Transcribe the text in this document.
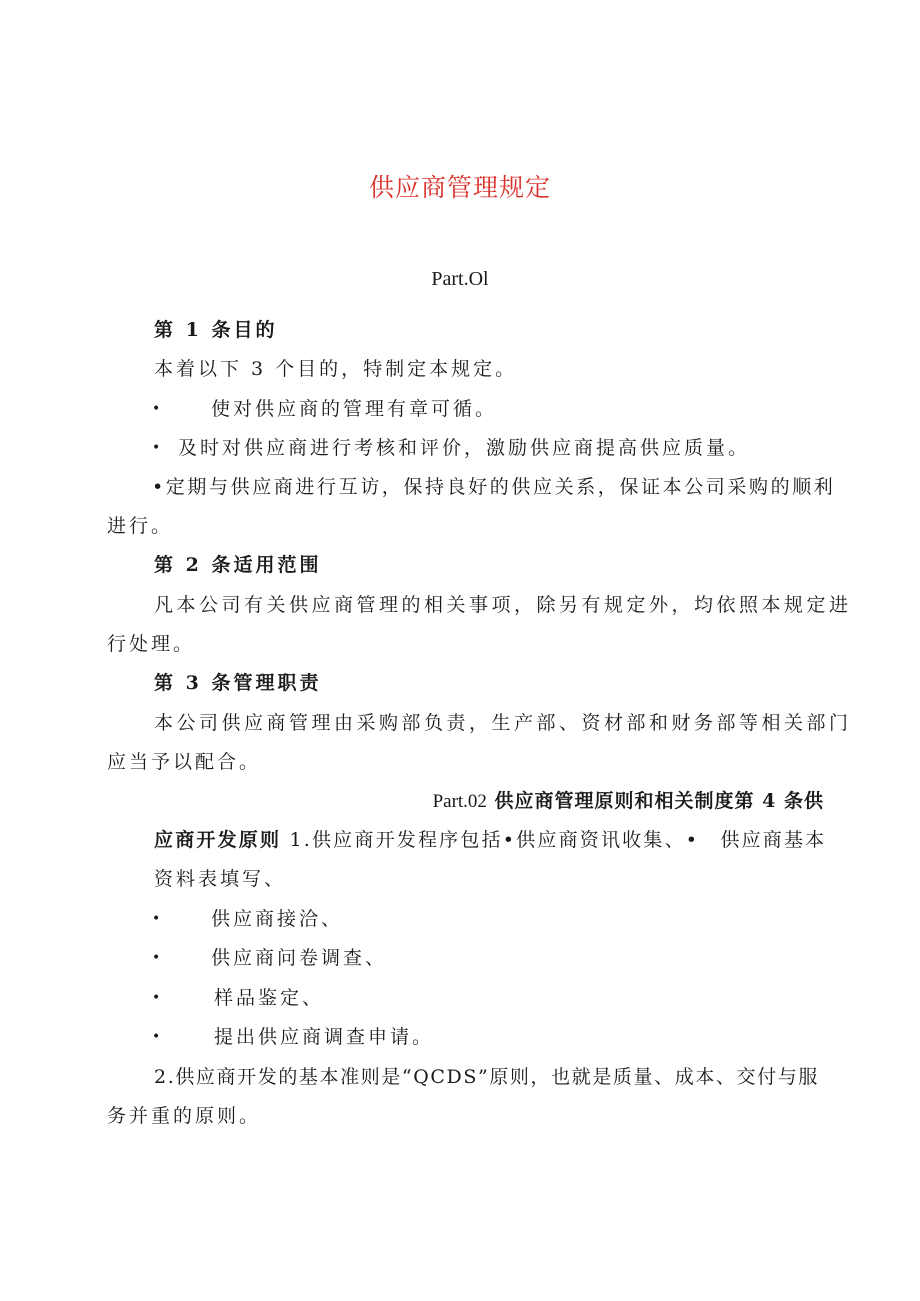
供应商管理规定
Part.Ol
第 1 条目的
本着以下 3 个目的，特制定本规定。
•	使对供应商的管理有章可循。
• 及时对供应商进行考核和评价，激励供应商提高供应质量。
•定期与供应商进行互访，保持良好的供应关系，保证本公司采购的顺利
进行。
第 2 条适用范围
凡本公司有关供应商管理的相关事项，除另有规定外，均依照本规定进
行处理。
第 3 条管理职责
本公司供应商管理由采购部负责，生产部、资材部和财务部等相关部门
应当予以配合。
Part.02 供应商管理原则和相关制度第 4 条供
应商开发原则 1.供应商开发程序包括•供应商资讯收集、•　供应商基本
资料表填写、
•	供应商接洽、
•	供应商问卷调查、
•	样品鉴定、
•	提出供应商调查申请。
2.供应商开发的基本准则是“QCDS”原则，也就是质量、成本、交付与服
务并重的原则。
